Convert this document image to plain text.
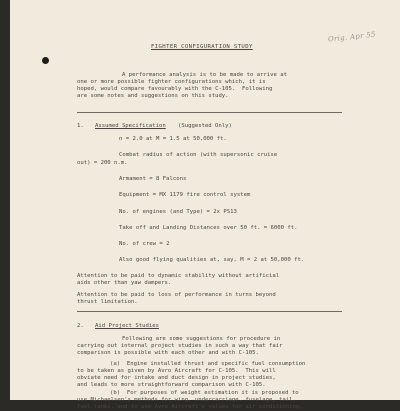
Orig. Apr 55
FIGHTER CONFIGURATION STUDY
A performance analysis is to be made to arrive at
one or more possible fighter configurations which, it is
hoped, would compare favourably with the C-105.  Following
are some notes and suggestions on this study.
1. Assumed Specification (Suggested Only)
n = 2.0 at M = 1.5 at 50,000 ft.
Combat radius of action (with supersonic cruise
out) = 200 n.m.
Armament = 8 Falcons
Equipment = MX 1179 fire control system
No. of engines (and Type) = 2x PS13
Take off and Landing Distances over 50 ft. = 6000 ft.
No. of crew = 2
Also good flying qualities at, say, M = 2 at 50,000 ft.
Attention to be paid to dynamic stability without artificial
aids other than yaw dampers.
Attention to be paid to loss of performance in turns beyond
thrust limitation.
2. Aid Project Studies
Following are some suggestions for procedure in
carrying out internal project studies in such a way that fair
comparison is possible with each other and with C-105.
(a)  Engine installed thrust and specific fuel consumption
to be taken as given by Avro Aircraft for C-105.  This will
obviate need for intake and duct design in project studies,
and leads to more straightforward comparison with C-105.
(b)  For purposes of weight estimation it is proposed to
use Michaelsen's methods for wing, undercarriage, fuselage, tail,
fuel tanks, and to use Avro Aircraft's values for air conditioning,
